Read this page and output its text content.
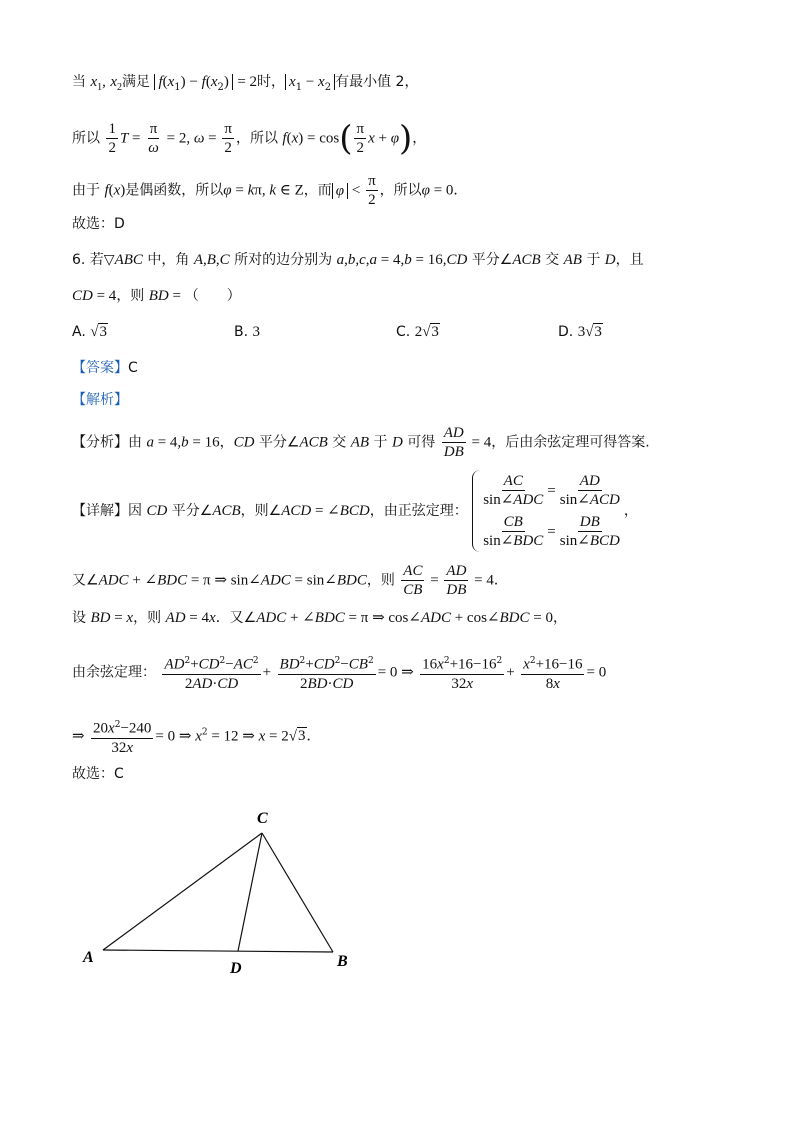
当 $x_1$, $x_2$满足 $f(x_1) - f(x_2) = 2$时， $x_1 - x_2$ 有最小值 2，
所以 $\frac{1}{2}$ $T = \frac{\pi}{\omega} = 2$, $\omega = \frac{\pi}{2}$ ，所以 $f(x) = \cos( \frac{\pi}{2}$ x + φ)，
由于 f(x)是偶函数，所以φ = kπ, k ∈ Z，而 $\varphi < \frac{\pi}{2}$ ，所以φ = 0．
故选：D
6. 若▽ABC 中，角 A,B,C 所对的边分别为 a,b,c,a = 4,b = 16,CD 平分∠ACB 交 AB 于 D，且
CD = 4，则 BD = （　　）
A. √3	B. 3	C. 2√3	D. 3√3
【答案】C
【解析】
【分析】由 a = 4,b = 16，CD 平分∠ACB 交 AB 于 D 可得 $\frac{AD}{DB} = 4$，后由余弦定理可得答案.
【详解】因 CD 平分∠ACB，则∠ACD = ∠BCD，由正弦定理：
$\frac{AC}{\text{sin∠ADC}} = \frac{AD}{\text{sin∠ACD}}$
$\frac{CB}{\text{sin∠BDC}} = \frac{DB}{\text{sin∠BCD}}$
，
又∠ADC + ∠BDC = π ⇒ sin∠ADC = sin∠BDC，则 $\frac{AC}{CB} = \frac{AD}{DB} = 4$．
设 BD = x，则 AD = 4x．又∠ADC + ∠BDC = π ⇒ cos∠ADC + cos∠BDC = 0，
由余弦定理： $\frac{AD^2+CD^2-AC^2}{2AD\cdot CD} + \frac{BD^2+CD^2-CB^2}{2BD\cdot CD} = 0$ ⇒ $\frac{16x^2+16-16^2}{32x} + \frac{x^2+16-16}{8x} = 0$
⇒ $\frac{20x^2-240}{32x} = 0$ ⇒ $x^2 = 12$ ⇒ x = 2√3．
故选：C
C
A
D	B
